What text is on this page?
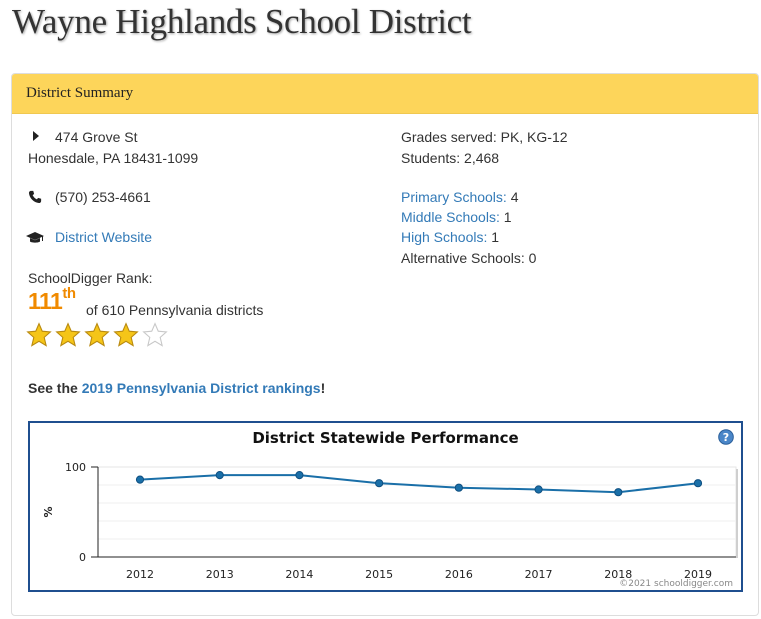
Wayne Highlands School District
District Summary
474 Grove St
Honesdale, PA 18431-1099
(570) 253-4661
District Website
SchoolDigger Rank:
111th
of 610 Pennsylvania districts
Grades served: PK, KG-12
Students: 2,468
Primary Schools: 4
Middle Schools: 1
High Schools: 1
Alternative Schools: 0
See the 2019 Pennsylvania District rankings!
District Statewide Performance	?
0
100
%
2012	2013	2014	2015	2016	2017	2018	2019
©2021 schooldigger.com
